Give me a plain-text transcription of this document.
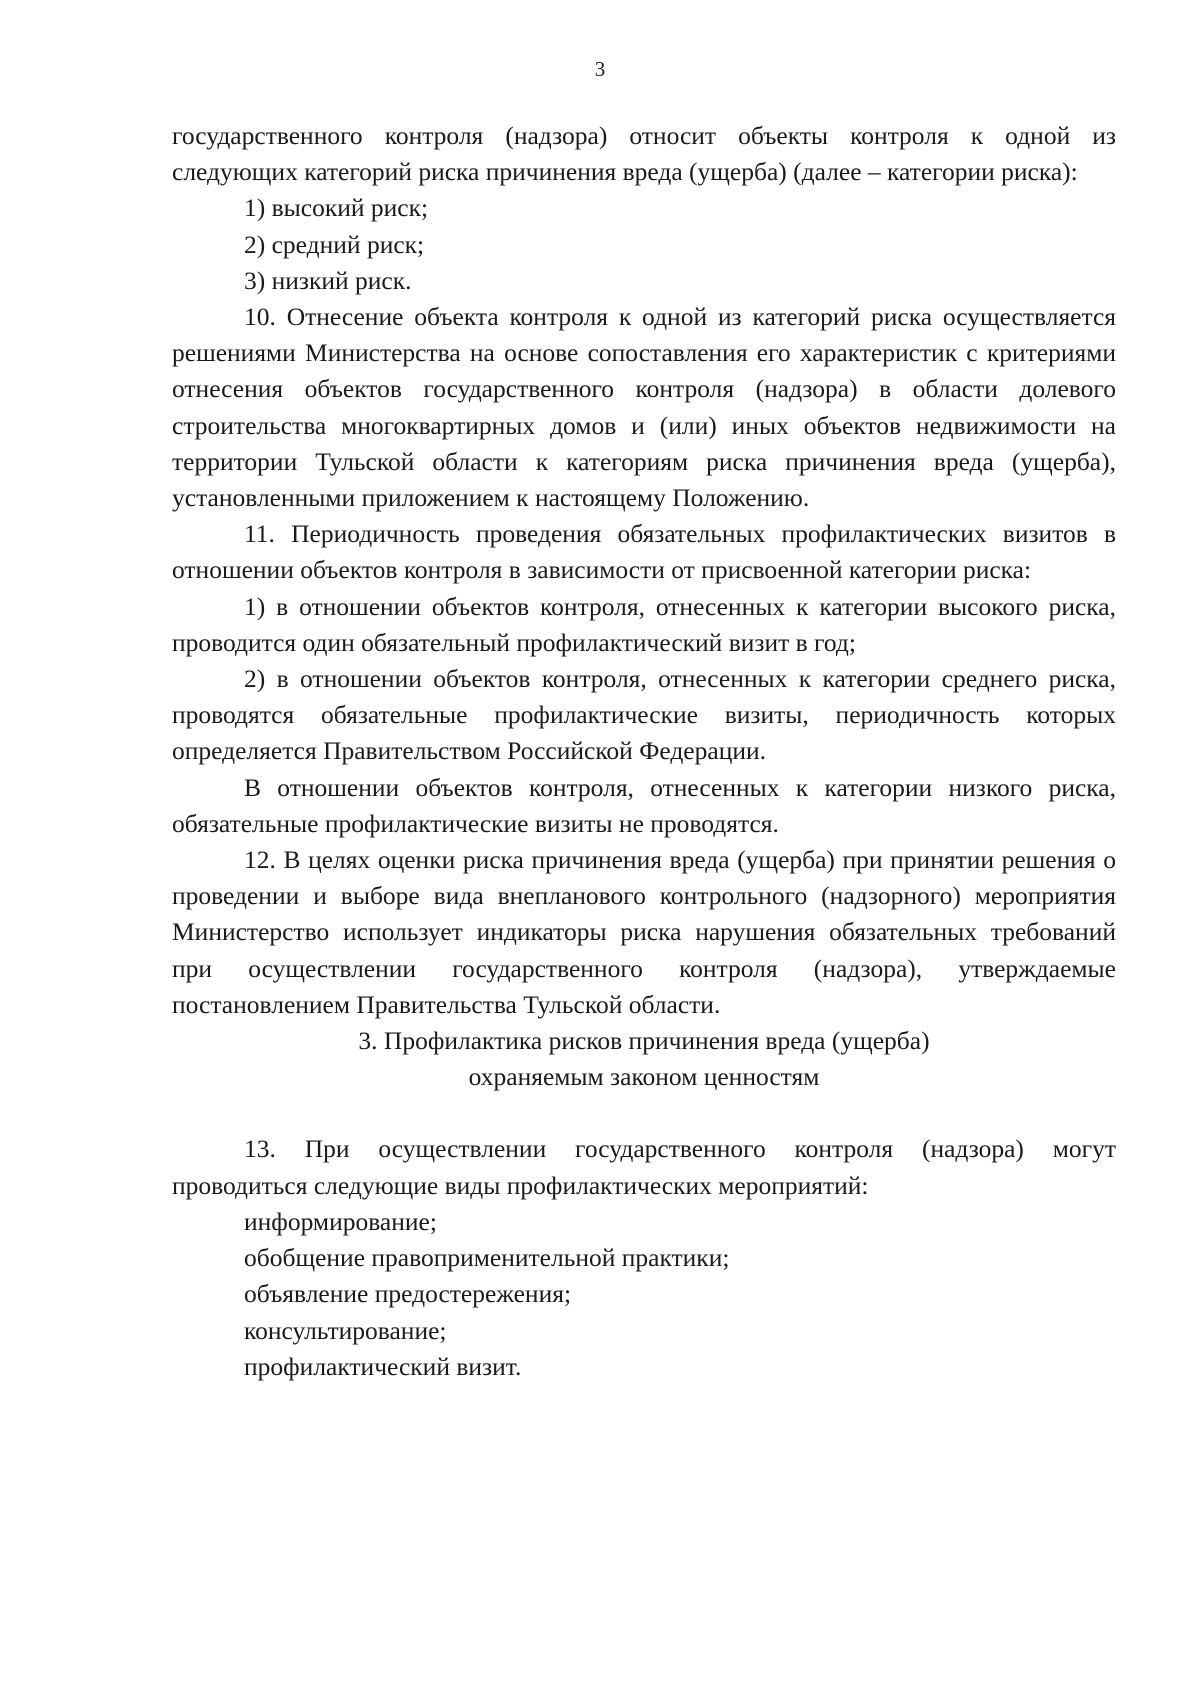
3

государственного контроля (надзора) относит объекты контроля к одной из следующих категорий риска причинения вреда (ущерба) (далее – категории риска):

1) высокий риск;

2) средний риск;

3) низкий риск.

10. Отнесение объекта контроля к одной из категорий риска осуществляется решениями Министерства на основе сопоставления его характеристик с критериями отнесения объектов государственного контроля (надзора) в области долевого строительства многоквартирных домов и (или) иных объектов недвижимости на территории Тульской области к категориям риска причинения вреда (ущерба), установленными приложением к настоящему Положению.

11. Периодичность проведения обязательных профилактических визитов в отношении объектов контроля в зависимости от присвоенной категории риска:

1) в отношении объектов контроля, отнесенных к категории высокого риска, проводится один обязательный профилактический визит в год;

2) в отношении объектов контроля, отнесенных к категории среднего риска, проводятся обязательные профилактические визиты, периодичность которых определяется Правительством Российской Федерации.

В отношении объектов контроля, отнесенных к категории низкого риска, обязательные профилактические визиты не проводятся.

12. В целях оценки риска причинения вреда (ущерба) при принятии решения о проведении и выборе вида внепланового контрольного (надзорного) мероприятия Министерство использует индикаторы риска нарушения обязательных требований при осуществлении государственного контроля (надзора), утверждаемые постановлением Правительства Тульской области.

3. Профилактика рисков причинения вреда (ущерба)

охраняемым законом ценностям

13. При осуществлении государственного контроля (надзора) могут проводиться следующие виды профилактических мероприятий:

информирование;

обобщение правоприменительной практики;

объявление предостережения;

консультирование;

профилактический визит.
